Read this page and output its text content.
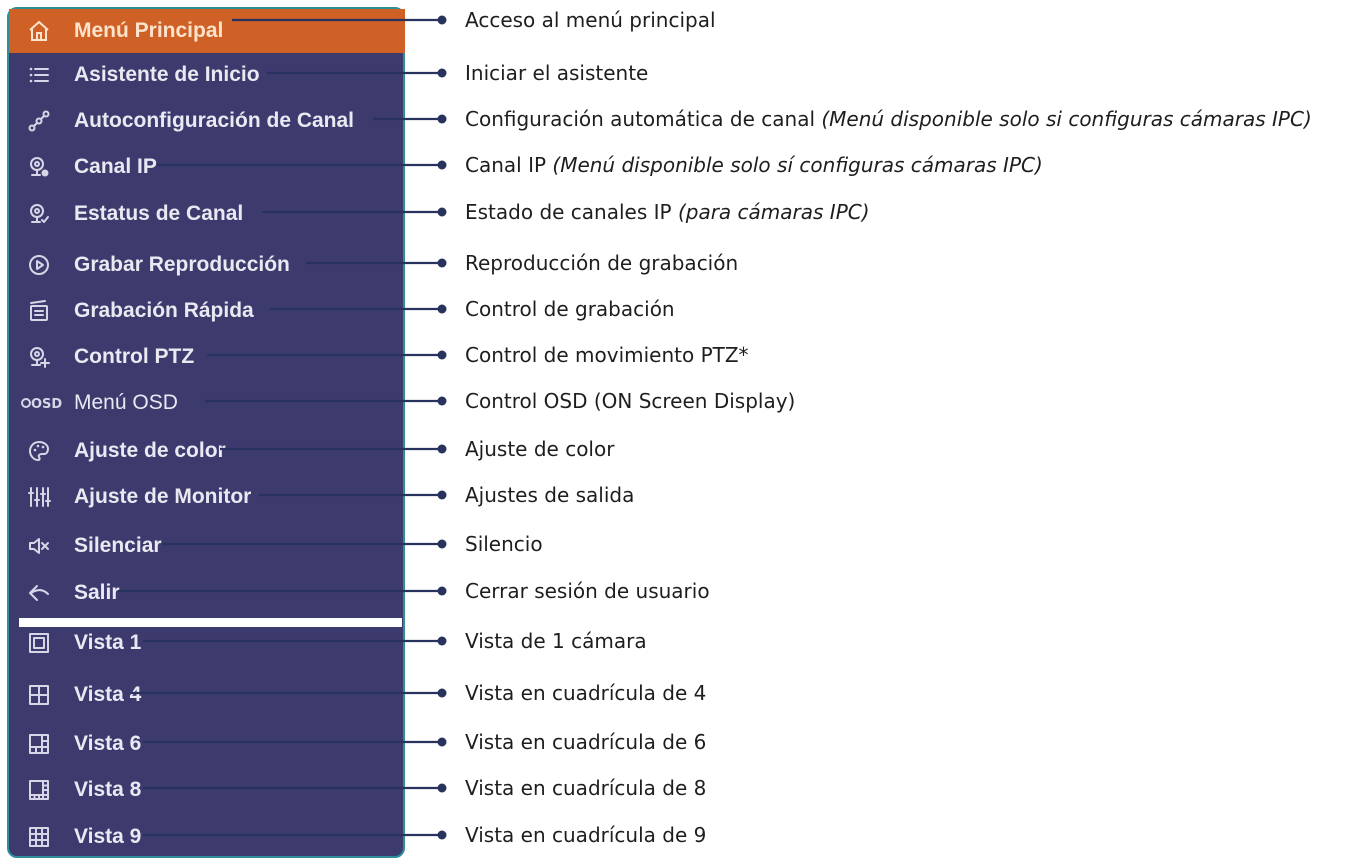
Menú Principal
Asistente de Inicio
Autoconfiguración de Canal
Canal IP
Estatus de Canal
Grabar Reproducción
Grabación Rápida
Control PTZ
OSD Menú OSD
Ajuste de color
Ajuste de Monitor
Silenciar
Salir
Vista 1
Vista 4
Vista 6
Vista 8
Vista 9
Acceso al menú principal
Iniciar el asistente
Configuración automática de canal (Menú disponible solo si configuras cámaras IPC)
Canal IP (Menú disponible solo sí configuras cámaras IPC)
Estado de canales IP (para cámaras IPC)
Reproducción de grabación
Control de grabación
Control de movimiento PTZ*
Control OSD (ON Screen Display)
Ajuste de color
Ajustes de salida
Silencio
Cerrar sesión de usuario
Vista de 1 cámara
Vista en cuadrícula de 4
Vista en cuadrícula de 6
Vista en cuadrícula de 8
Vista en cuadrícula de 9
